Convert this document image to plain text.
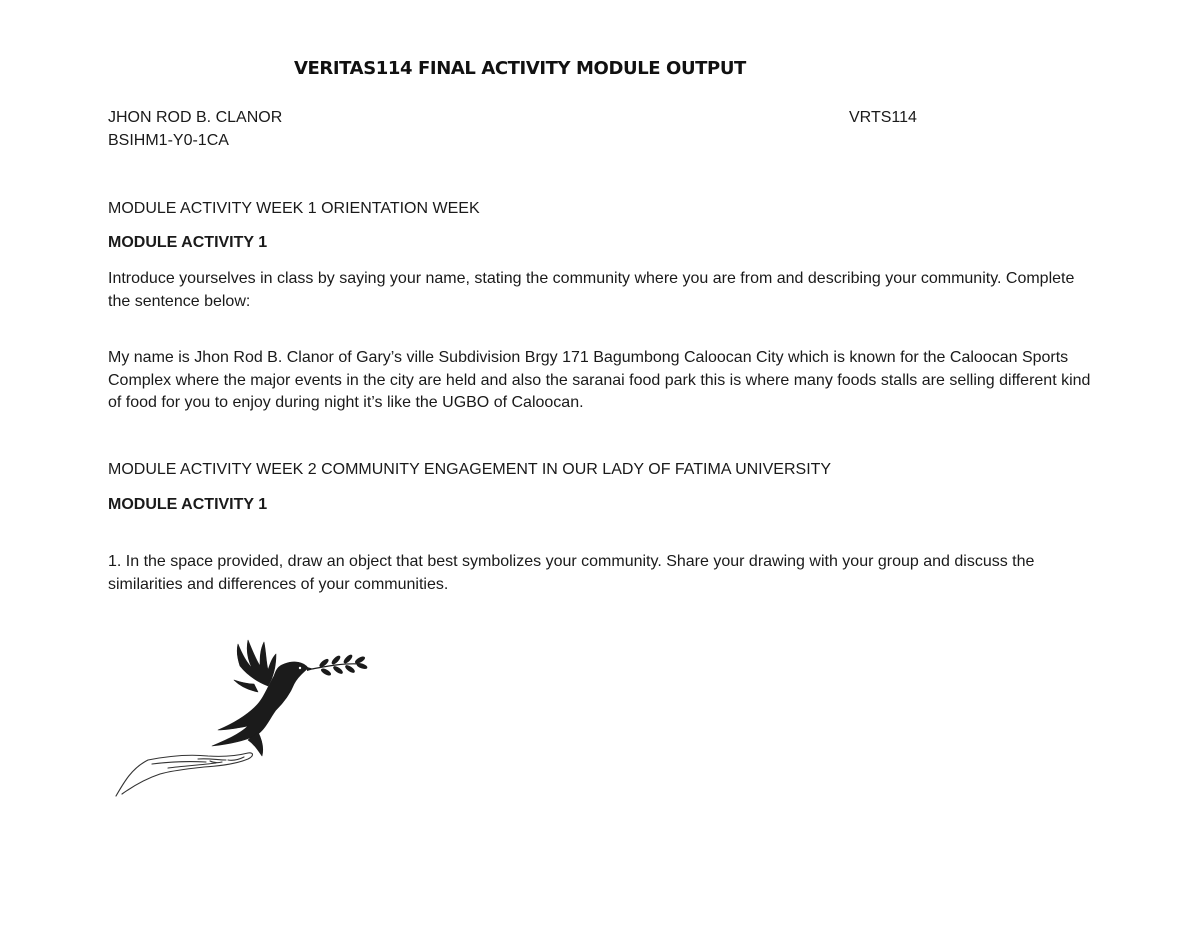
VERITAS114 FINAL ACTIVITY MODULE OUTPUT
JHON ROD B. CLANOR	VRTS114
BSIHM1-Y0-1CA
MODULE ACTIVITY WEEK 1 ORIENTATION WEEK
MODULE ACTIVITY 1
Introduce yourselves in class by saying your name, stating the community where you are from and describing your community. Complete the sentence below:
My name is Jhon Rod B. Clanor of Gary’s ville Subdivision Brgy 171 Bagumbong Caloocan City which is known for the Caloocan Sports Complex where the major events in the city are held and also the saranai food park this is where many foods stalls are selling different kind of food for you to enjoy during night it’s like the UGBO of Caloocan.
MODULE ACTIVITY WEEK 2 COMMUNITY ENGAGEMENT IN OUR LADY OF FATIMA UNIVERSITY
MODULE ACTIVITY 1
1. In the space provided, draw an object that best symbolizes your community. Share your drawing with your group and discuss the similarities and differences of your communities.
